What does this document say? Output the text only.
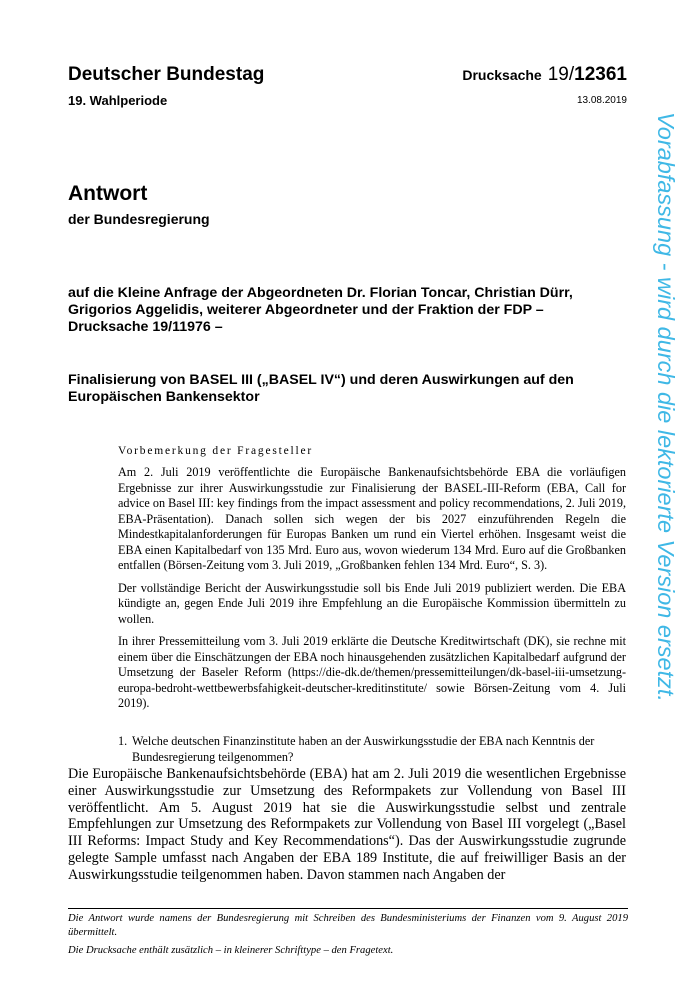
Deutscher Bundestag
19. Wahlperiode
Drucksache 19/12361
13.08.2019
Antwort
der Bundesregierung
auf die Kleine Anfrage der Abgeordneten Dr. Florian Toncar, Christian Dürr, Grigorios Aggelidis, weiterer Abgeordneter und der Fraktion der FDP – Drucksache 19/11976 –
Finalisierung von BASEL III („BASEL IV“) und deren Auswirkungen auf den Europäischen Bankensektor
Vorbemerkung der Fragesteller

Am 2. Juli 2019 veröffentlichte die Europäische Bankenaufsichtsbehörde EBA die vorläufigen Ergebnisse zur ihrer Auswirkungsstudie zur Finalisierung der BASEL-III-Reform (EBA, Call for advice on Basel III: key findings from the impact assessment and policy recommendations, 2. Juli 2019, EBA-Präsentation). Danach sollen sich wegen der bis 2027 einzuführenden Regeln die Mindestkapitalanforderungen für Europas Banken um rund ein Viertel erhöhen. Insgesamt weist die EBA einen Kapitalbedarf von 135 Mrd. Euro aus, wovon wiederum 134 Mrd. Euro auf die Großbanken entfallen (Börsen-Zeitung vom 3. Juli 2019, „Großbanken fehlen 134 Mrd. Euro“, S. 3).

Der vollständige Bericht der Auswirkungsstudie soll bis Ende Juli 2019 publiziert werden. Die EBA kündigte an, gegen Ende Juli 2019 ihre Empfehlung an die Europäische Kommission übermitteln zu wollen.

In ihrer Pressemitteilung vom 3. Juli 2019 erklärte die Deutsche Kreditwirtschaft (DK), sie rechne mit einem über die Einschätzungen der EBA noch hinausgehenden zusätzlichen Kapitalbedarf aufgrund der Umsetzung der Baseler Reform (https://die-dk.de/themen/pressemitteilungen/dk-basel-iii-umsetzung-europa-bedroht-wettbewerbsfahigkeit-deutscher-kreditinstitute/ sowie Börsen-Zeitung vom 4. Juli 2019).

1. Welche deutschen Finanzinstitute haben an der Auswirkungsstudie der EBA nach Kenntnis der Bundesregierung teilgenommen?
Die Europäische Bankenaufsichtsbehörde (EBA) hat am 2. Juli 2019 die wesentlichen Ergebnisse einer Auswirkungsstudie zur Umsetzung des Reformpakets zur Vollendung von Basel III veröffentlicht. Am 5. August 2019 hat sie die Auswirkungsstudie selbst und zentrale Empfehlungen zur Umsetzung des Reformpakets zur Vollendung von Basel III vorgelegt („Basel III Reforms: Impact Study and Key Recommendations“). Das der Auswirkungsstudie zugrunde gelegte Sample umfasst nach Angaben der EBA 189 Institute, die auf freiwilliger Basis an der Auswirkungsstudie teilgenommen haben. Davon stammen nach Angaben der

Die Antwort wurde namens der Bundesregierung mit Schreiben des Bundesministeriums der Finanzen vom 9. August 2019 übermittelt.

Die Drucksache enthält zusätzlich – in kleinerer Schrifttype – den Fragetext.

Vorabfassung - wird durch die lektorierte Version ersetzt.
